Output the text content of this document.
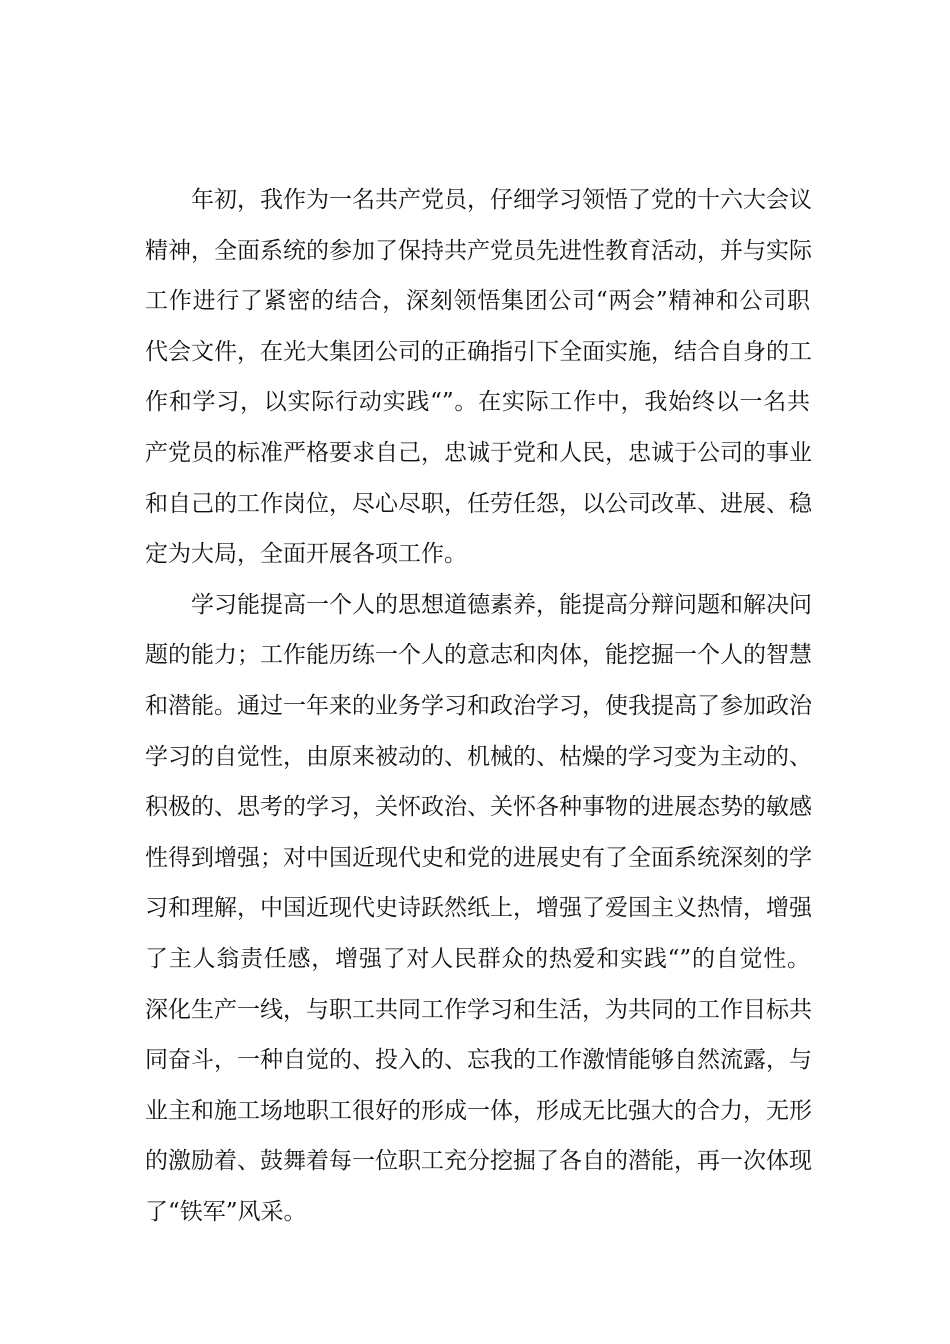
年初，我作为一名共产党员，仔细学习领悟了党的十六大会议
精神，全面系统的参加了保持共产党员先进性教育活动，并与实际
工作进行了紧密的结合，深刻领悟集团公司“两会”精神和公司职
代会文件，在光大集团公司的正确指引下全面实施，结合自身的工
作和学习，以实际行动实践“”。在实际工作中，我始终以一名共
产党员的标准严格要求自己，忠诚于党和人民，忠诚于公司的事业
和自己的工作岗位，尽心尽职，任劳任怨，以公司改革、进展、稳
定为大局，全面开展各项工作。
学习能提高一个人的思想道德素养，能提高分辩问题和解决问
题的能力；工作能历练一个人的意志和肉体，能挖掘一个人的智慧
和潜能。通过一年来的业务学习和政治学习，使我提高了参加政治
学习的自觉性，由原来被动的、机械的、枯燥的学习变为主动的、
积极的、思考的学习，关怀政治、关怀各种事物的进展态势的敏感
性得到增强；对中国近现代史和党的进展史有了全面系统深刻的学
习和理解，中国近现代史诗跃然纸上，增强了爱国主义热情，增强
了主人翁责任感，增强了对人民群众的热爱和实践“”的自觉性。
深化生产一线，与职工共同工作学习和生活，为共同的工作目标共
同奋斗，一种自觉的、投入的、忘我的工作激情能够自然流露，与
业主和施工场地职工很好的形成一体，形成无比强大的合力，无形
的激励着、鼓舞着每一位职工充分挖掘了各自的潜能，再一次体现
了“铁军”风采。
